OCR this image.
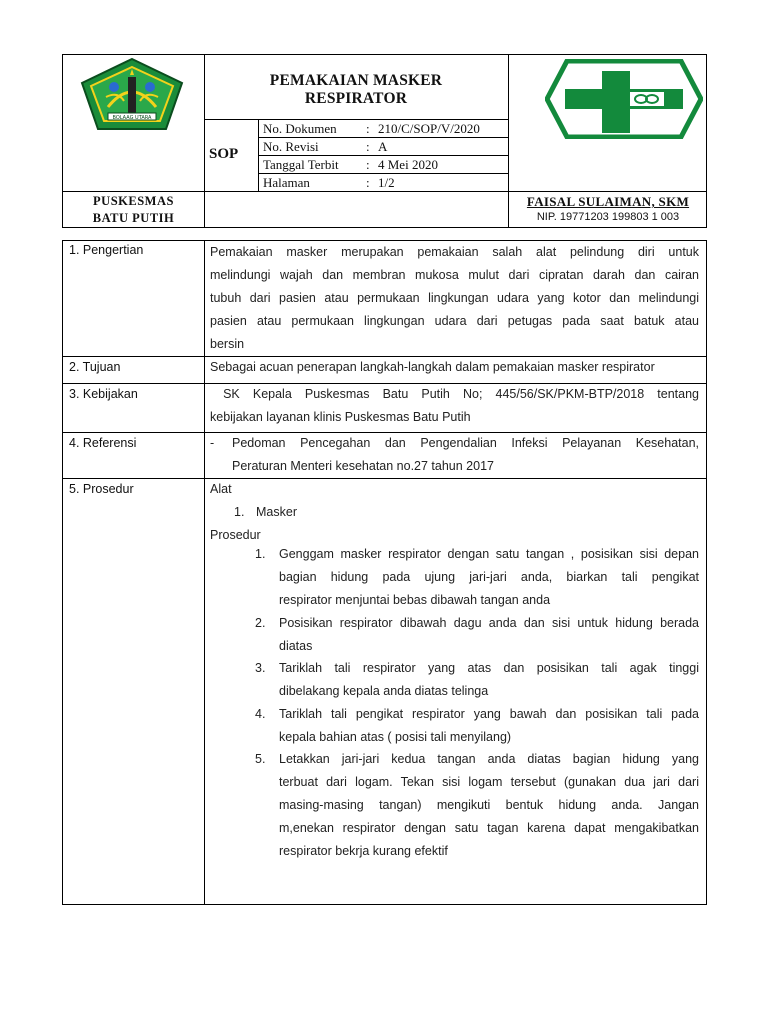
BOLAAG UTARA
PEMAKAIAN MASKER
RESPIRATOR
SOP
No. Dokumen : 210/C/SOP/V/2020
No. Revisi	: A
Tanggal Terbit : 4 Mei 2020
Halaman	: 1/2
PUSKESMAS
BATU PUTIH
FAISAL SULAIMAN, SKM
NIP. 19771203 199803 1 003
1. Pengertian	Pemakaian masker merupakan pemakaian salah alat pelindung diri untuk
melindungi wajah dan membran mukosa mulut dari cipratan darah dan cairan
tubuh dari pasien atau permukaan lingkungan udara yang kotor dan melindungi
pasien atau permukaan lingkungan udara dari petugas pada saat batuk atau
bersin
2. Tujuan	Sebagai acuan penerapan langkah-langkah dalam pemakaian masker respirator
3. Kebijakan	SK Kepala Puskesmas Batu Putih No; 445/56/SK/PKM-BTP/2018 tentang
kebijakan layanan klinis Puskesmas Batu Putih
4. Referensi	- Pedoman Pencegahan dan Pengendalian Infeksi Pelayanan Kesehatan,
Peraturan Menteri kesehatan no.27 tahun 2017
5. Prosedur	Alat
1. Masker
Prosedur
1. Genggam masker respirator dengan satu tangan , posisikan sisi depan
bagian hidung pada ujung jari-jari anda, biarkan tali pengikat
respirator menjuntai bebas dibawah tangan anda
2. Posisikan respirator dibawah dagu anda dan sisi untuk hidung berada
diatas
3. Tariklah tali respirator yang atas dan posisikan tali agak tinggi
dibelakang kepala anda diatas telinga
4. Tariklah tali pengikat respirator yang bawah dan posisikan tali pada
kepala bahian atas ( posisi tali menyilang)
5. Letakkan jari-jari kedua tangan anda diatas bagian hidung yang
terbuat dari logam. Tekan sisi logam tersebut (gunakan dua jari dari
masing-masing tangan) mengikuti bentuk hidung anda. Jangan
m,enekan respirator dengan satu tagan karena dapat mengakibatkan
respirator bekrja kurang efektif
